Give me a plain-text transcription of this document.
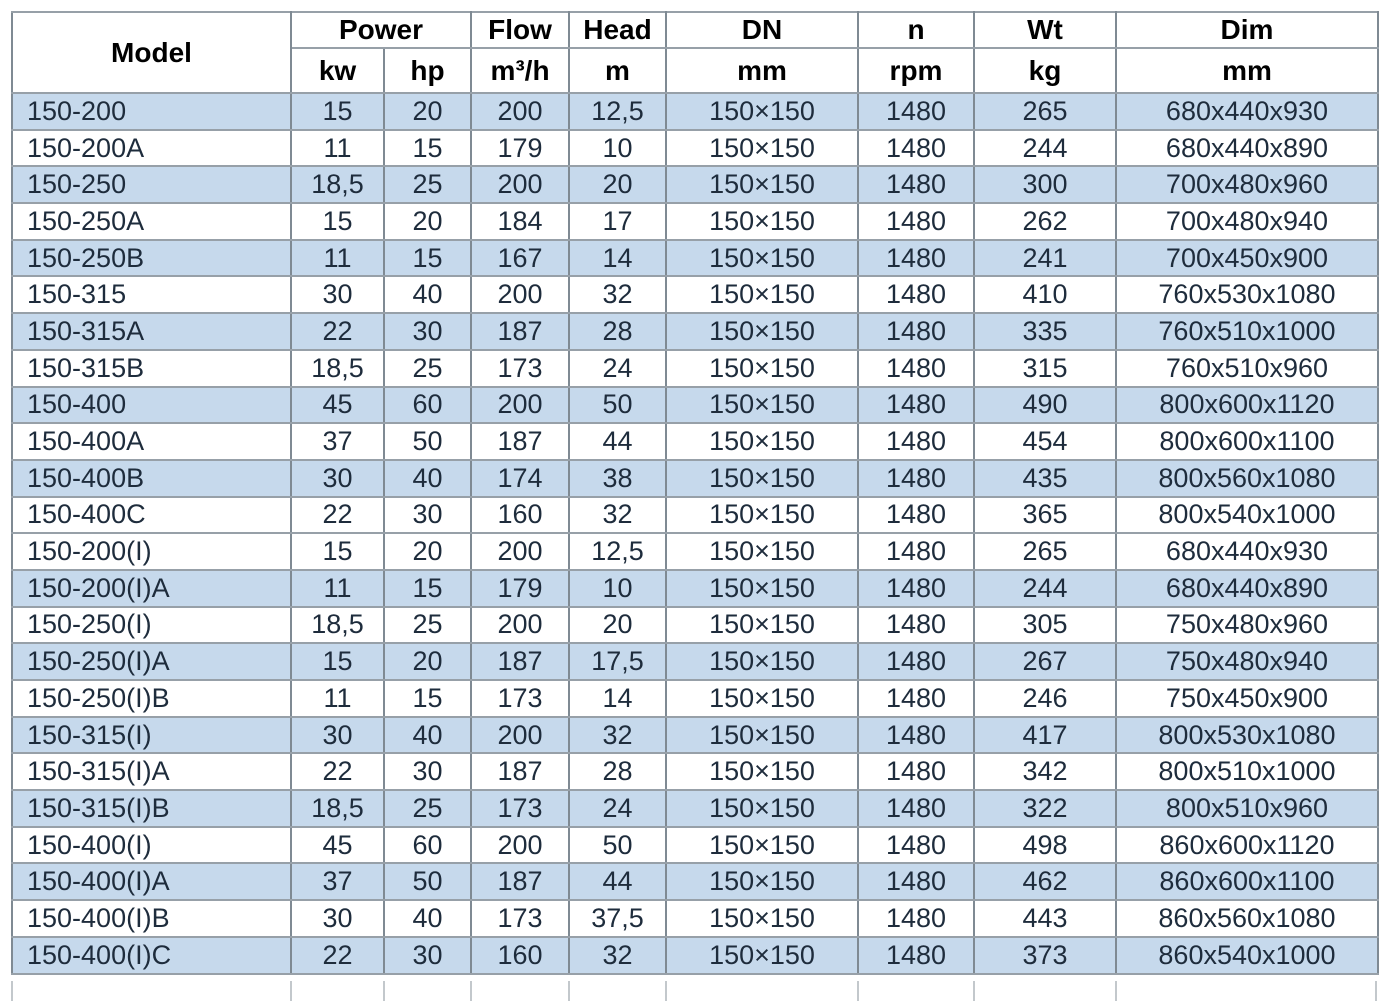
Model	Power		Flow	Head	DN	n	Wt	Dim
	kw	hp	m³/h	m	mm	rpm	kg	mm
150-200	15	20	200	12,5	150×150	1480	265	680x440x930
150-200A	11	15	179	10	150×150	1480	244	680x440x890
150-250	18,5	25	200	20	150×150	1480	300	700x480x960
150-250A	15	20	184	17	150×150	1480	262	700x480x940
150-250B	11	15	167	14	150×150	1480	241	700x450x900
150-315	30	40	200	32	150×150	1480	410	760x530x1080
150-315A	22	30	187	28	150×150	1480	335	760x510x1000
150-315B	18,5	25	173	24	150×150	1480	315	760x510x960
150-400	45	60	200	50	150×150	1480	490	800x600x1120
150-400A	37	50	187	44	150×150	1480	454	800x600x1100
150-400B	30	40	174	38	150×150	1480	435	800x560x1080
150-400C	22	30	160	32	150×150	1480	365	800x540x1000
150-200(I)	15	20	200	12,5	150×150	1480	265	680x440x930
150-200(I)A	11	15	179	10	150×150	1480	244	680x440x890
150-250(I)	18,5	25	200	20	150×150	1480	305	750x480x960
150-250(I)A	15	20	187	17,5	150×150	1480	267	750x480x940
150-250(I)B	11	15	173	14	150×150	1480	246	750x450x900
150-315(I)	30	40	200	32	150×150	1480	417	800x530x1080
150-315(I)A	22	30	187	28	150×150	1480	342	800x510x1000
150-315(I)B	18,5	25	173	24	150×150	1480	322	800x510x960
150-400(I)	45	60	200	50	150×150	1480	498	860x600x1120
150-400(I)A	37	50	187	44	150×150	1480	462	860x600x1100
150-400(I)B	30	40	173	37,5	150×150	1480	443	860x560x1080
150-400(I)C	22	30	160	32	150×150	1480	373	860x540x1000
